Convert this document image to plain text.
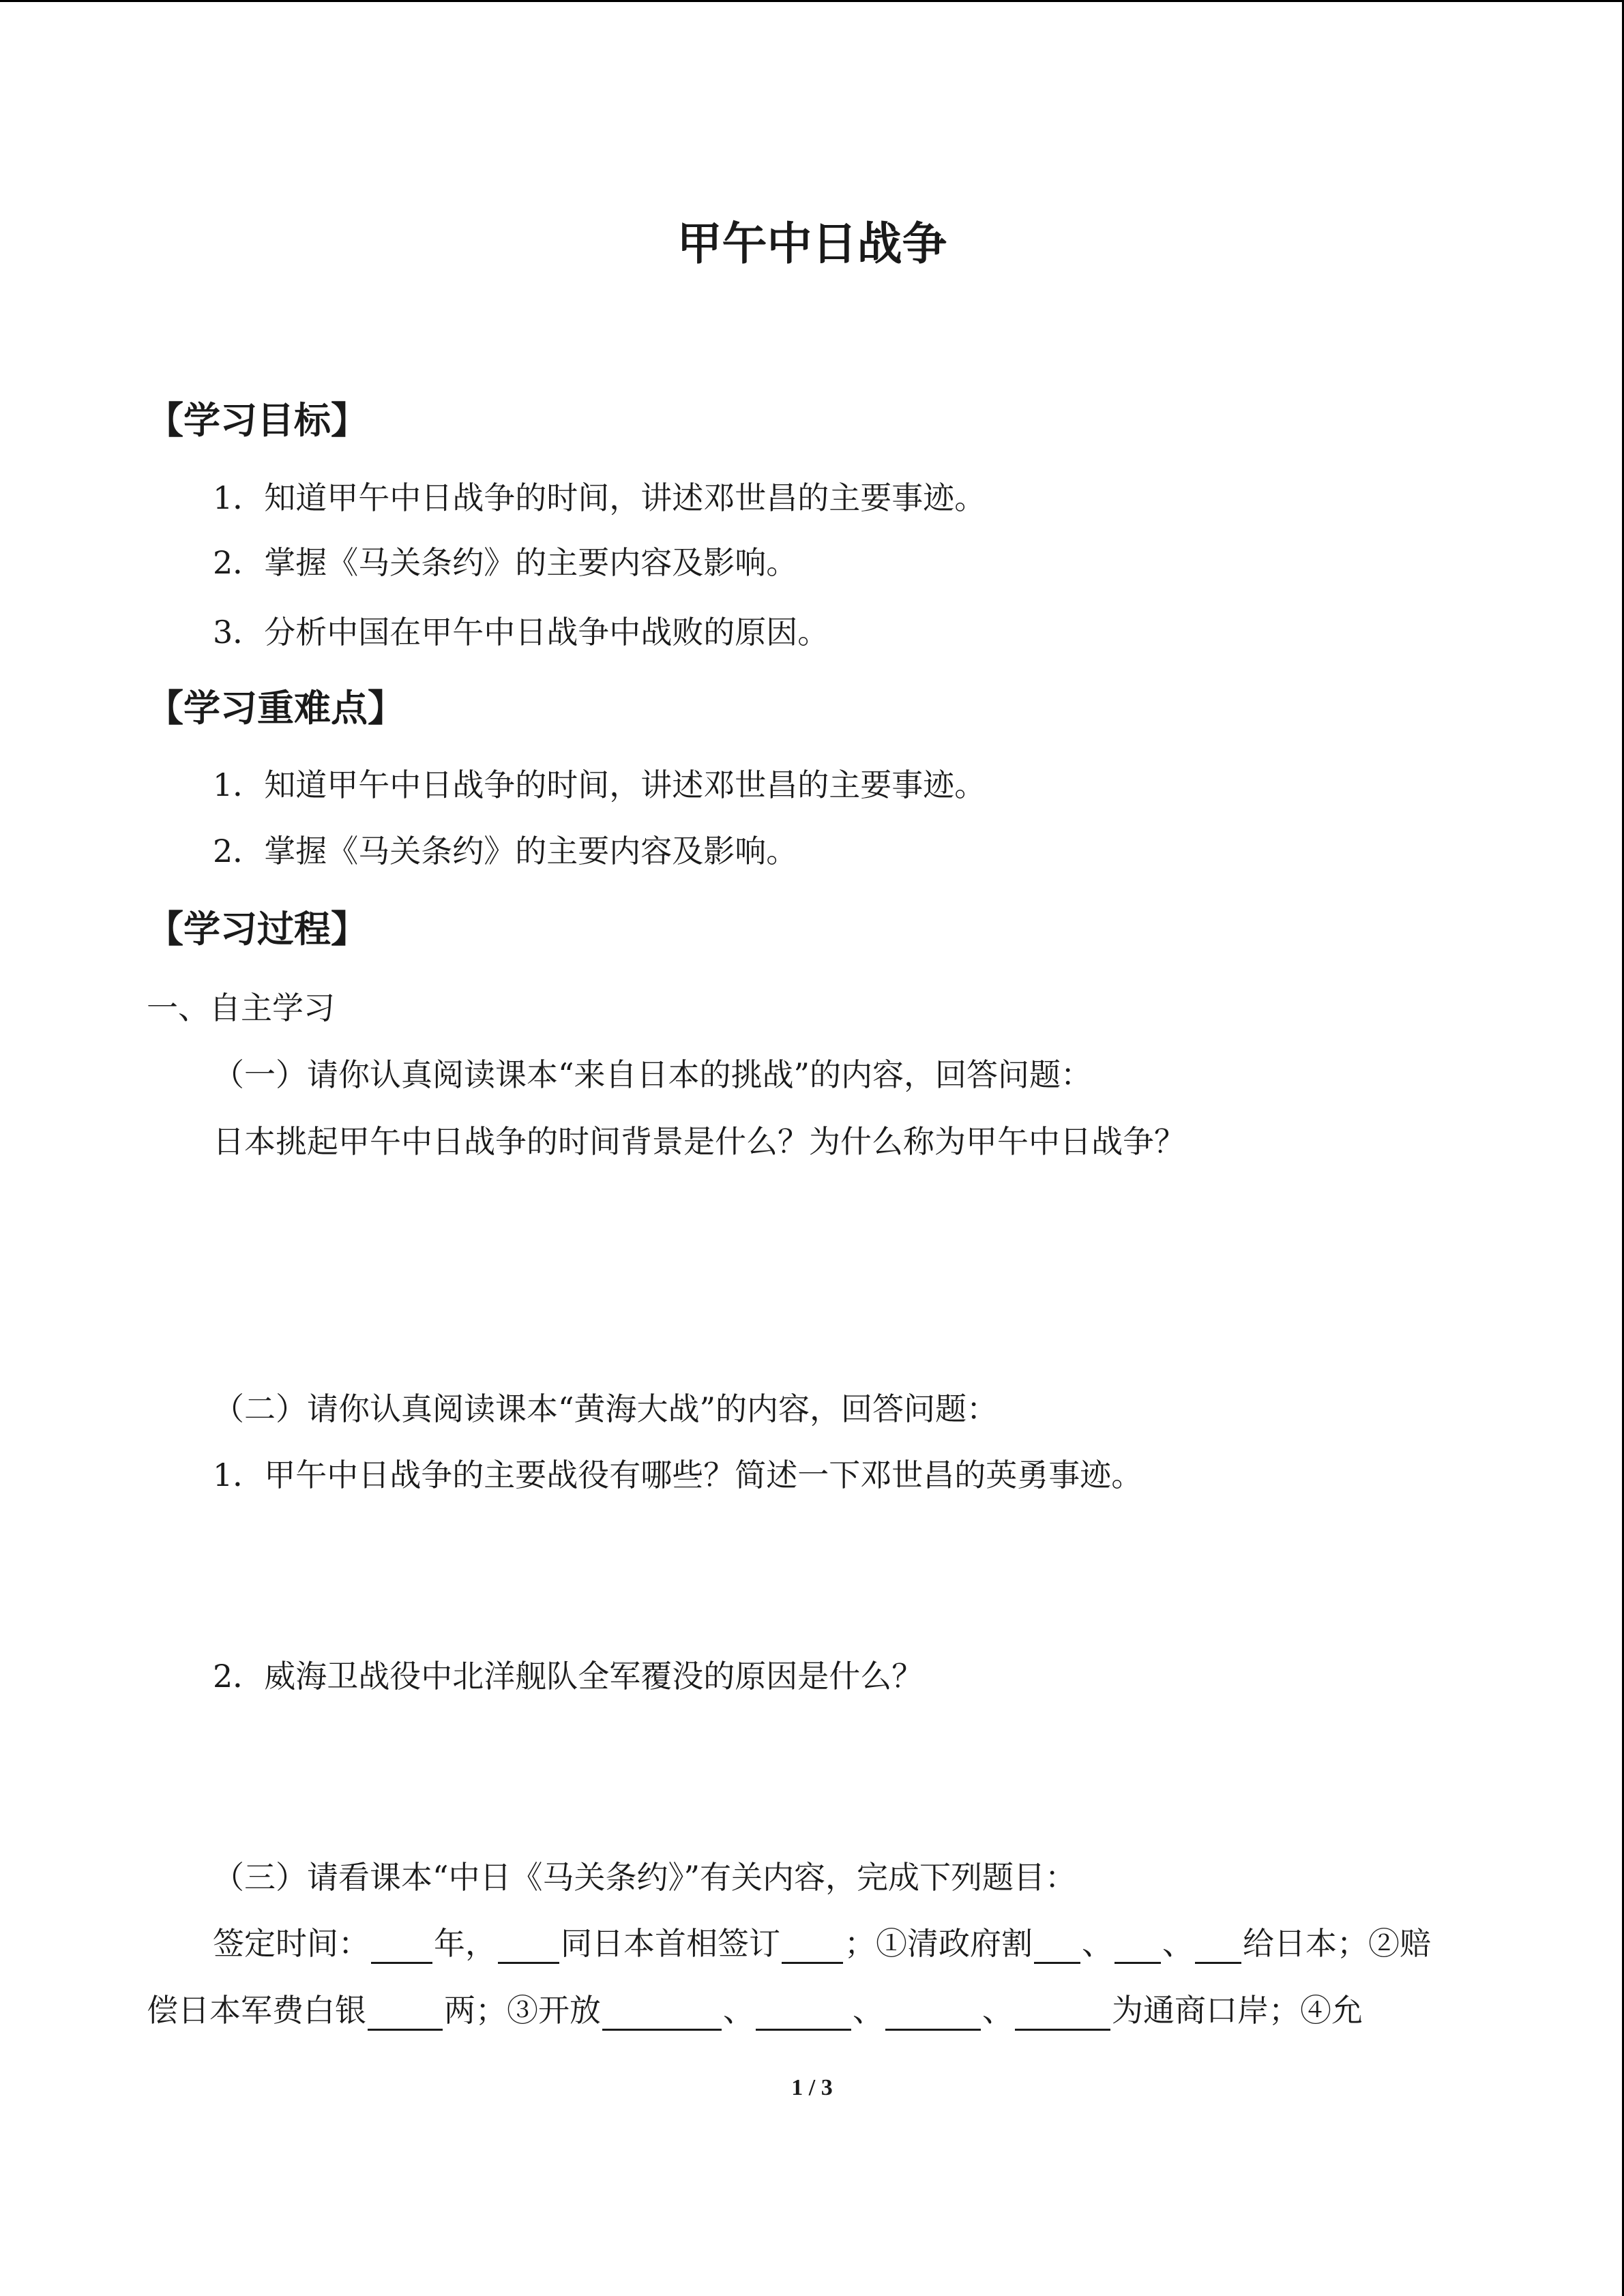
甲午中日战争
【学习目标】
1．知道甲午中日战争的时间，讲述邓世昌的主要事迹。
2．掌握《马关条约》的主要内容及影响。
3．分析中国在甲午中日战争中战败的原因。
【学习重难点】
1．知道甲午中日战争的时间，讲述邓世昌的主要事迹。
2．掌握《马关条约》的主要内容及影响。
【学习过程】
一、自主学习
（一）请你认真阅读课本“来自日本的挑战”的内容，回答问题：
日本挑起甲午中日战争的时间背景是什么？为什么称为甲午中日战争？
（二）请你认真阅读课本“黄海大战”的内容，回答问题：
1．甲午中日战争的主要战役有哪些？简述一下邓世昌的英勇事迹。
2．威海卫战役中北洋舰队全军覆没的原因是什么？
（三）请看课本“中日《马关条约》”有关内容，完成下列题目：
签定时间： 年， 同日本首相签订 ；①清政府割 、 、 给日本；②赔
偿日本军费白银 两；③开放	、	、	、	为通商口岸；④允
1 / 3
